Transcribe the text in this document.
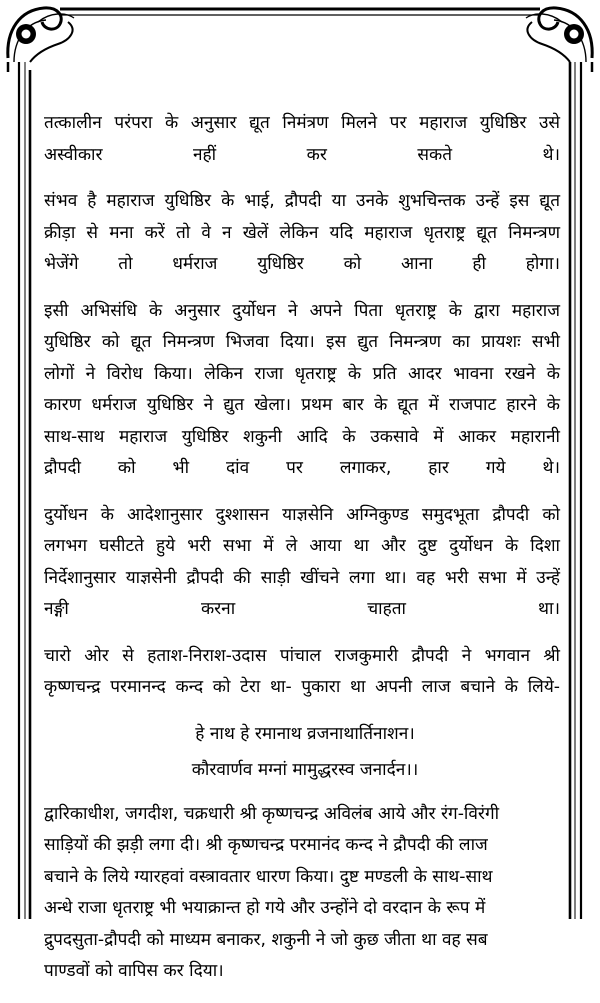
तत्कालीन परंपरा के अनुसार द्यूत निमंत्रण मिलने पर महाराज युधिष्ठिर उसे
अस्वीकार नहीं कर सकते थे।

संभव है महाराज युधिष्ठिर के भाई, द्रौपदी या उनके शुभचिन्तक उन्हें इस द्यूत
क्रीड़ा से मना करें तो वे न खेलें लेकिन यदि महाराज धृतराष्ट्र द्यूत निमन्त्रण
भेजेंगे तो धर्मराज युधिष्ठिर को आना ही होगा।

इसी अभिसंधि के अनुसार दुर्योधन ने अपने पिता धृतराष्ट्र के द्वारा महाराज
युधिष्ठिर को द्यूत निमन्त्रण भिजवा दिया। इस द्युत निमन्त्रण का प्रायशः सभी
लोगों ने विरोध किया। लेकिन राजा धृतराष्ट्र के प्रति आदर भावना रखने के
कारण धर्मराज युधिष्ठिर ने द्युत खेला। प्रथम बार के द्यूत में राजपाट हारने के
साथ-साथ महाराज युधिष्ठिर शकुनी आदि के उकसावे में आकर महारानी
द्रौपदी को भी दांव पर लगाकर, हार गये थे।

दुर्योधन के आदेशानुसार दुश्शासन याज्ञसेनि अग्निकुण्ड समुदभूता द्रौपदी को
लगभग घसीटते हुये भरी सभा में ले आया था और दुष्ट दुर्योधन के दिशा
निर्देशानुसार याज्ञसेनी द्रौपदी की साड़ी खींचने लगा था। वह भरी सभा में उन्हें
नङ्गी करना चाहता था।

चारो ओर से हताश-निराश-उदास पांचाल राजकुमारी द्रौपदी ने भगवान श्री
कृष्णचन्द्र परमानन्द कन्द को टेरा था- पुकारा था अपनी लाज बचाने के लिये-

हे नाथ हे रमानाथ व्रजनाथार्तिनाशन।

कौरवार्णव मग्नां मामुद्धरस्व जनार्दन।।

द्वारिकाधीश, जगदीश, चक्रधारी श्री कृष्णचन्द्र अविलंब आये और रंग-विरंगी
साड़ियों की झड़ी लगा दी। श्री कृष्णचन्द्र परमानंद कन्द ने द्रौपदी की लाज
बचाने के लिये ग्यारहवां वस्त्रावतार धारण किया। दुष्ट मण्डली के साथ-साथ
अन्धे राजा धृतराष्ट्र भी भयाक्रान्त हो गये और उन्होंने दो वरदान के रूप में
द्रुपदसुता-द्रौपदी को माध्यम बनाकर, शकुनी ने जो कुछ जीता था वह सब
पाण्डवों को वापिस कर दिया।
